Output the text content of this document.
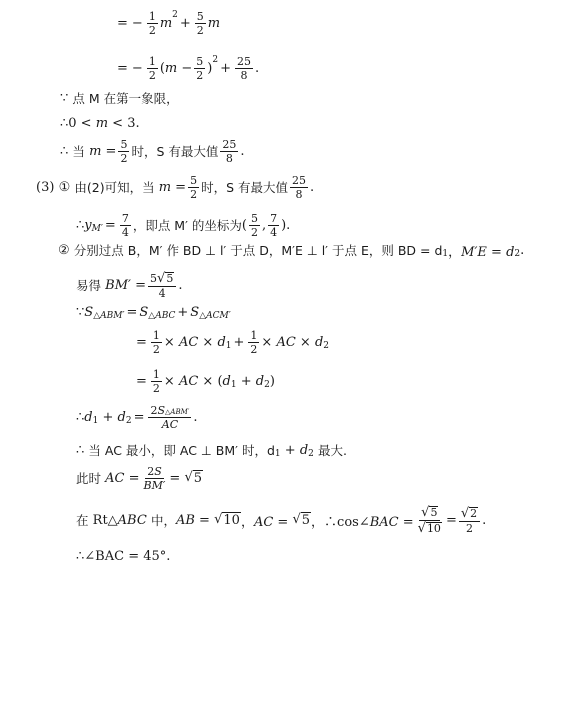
= − $\frac{1}{2}$ m
2
+ $\frac{5}{2}$ m
= − $\frac{1}{2} (m - \frac{5}{2}$ )
2
+ $\frac{25}{8}$ .
∵
点 M 在第一象限，
∴0 < m < 3.
∴
当
$m = \frac{5}{2}$ 时，S 有最大值 $\frac{25}{8}$ .
(3)
①
由(2)可知，当
$m = \frac{5}{2}$ 时，S 有最大值 $\frac{25}{8}$ .
∴y $M' = \frac{7}{4}$ ，即点 M′ 的坐标为 ( $\frac{5}{2}$ , $\frac{7}{4}$ ).
②
分别过点 B，M′ 作 BD ⊥ l′ 于点 D，M′E ⊥ l′ 于点 E，则 BD = d 1 ，M′E = d 2 .
易得
$BM' = \frac{5 √ 5}{4}$ .
∵S △ABM′ = S △ABC + S △ACM′
= $\frac{1}{2}$ × AC × d $1 + \frac{1}{2}$ × AC × d 2
= $\frac{1}{2}$ × AC × (d 1 + d 2 )
∴d 1 + d $2 = \frac{\text{2S△ABM′}}{AC}$ .
∴
当 AC 最小，即 AC ⊥ BM′ 时，d 1 + d 2
最大.
此时
AC = $\frac{2S}{BM'}$ =
√ 5
在
Rt△ABC
中， AB =
√ 10 ，AC =
√ 5 ，∴cos∠BAC = $\frac{√ 5}{√ 10} = \frac{√ 2}{2}$ .
∴ ∠BAC = 45°.
